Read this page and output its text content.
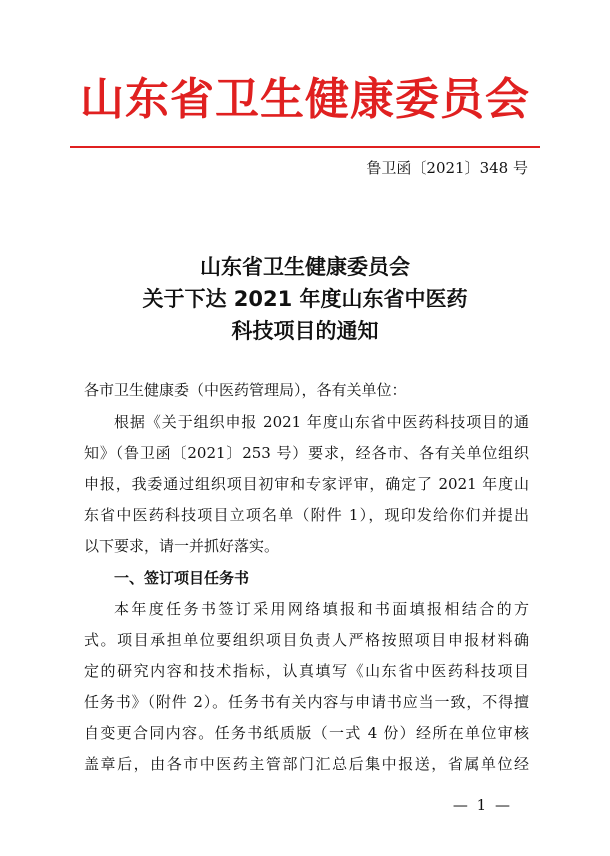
山东省卫生健康委员会
鲁卫函〔2021〕348 号
山东省卫生健康委员会
关于下达 2021 年度山东省中医药
科技项目的通知
各市卫生健康委（中医药管理局），各有关单位：
根据《关于组织申报 2021 年度山东省中医药科技项目的通
知》（鲁卫函〔2021〕253 号）要求，经各市、各有关单位组织
申报，我委通过组织项目初审和专家评审，确定了 2021 年度山
东省中医药科技项目立项名单（附件 1），现印发给你们并提出
以下要求，请一并抓好落实。
一、签订项目任务书
本年度任务书签订采用网络填报和书面填报相结合的方
式。项目承担单位要组织项目负责人严格按照项目申报材料确
定的研究内容和技术指标，认真填写《山东省中医药科技项目
任务书》（附件 2）。任务书有关内容与申请书应当一致，不得擅
自变更合同内容。任务书纸质版（一式 4 份）经所在单位审核
盖章后，由各市中医药主管部门汇总后集中报送，省属单位经
— 1 —
